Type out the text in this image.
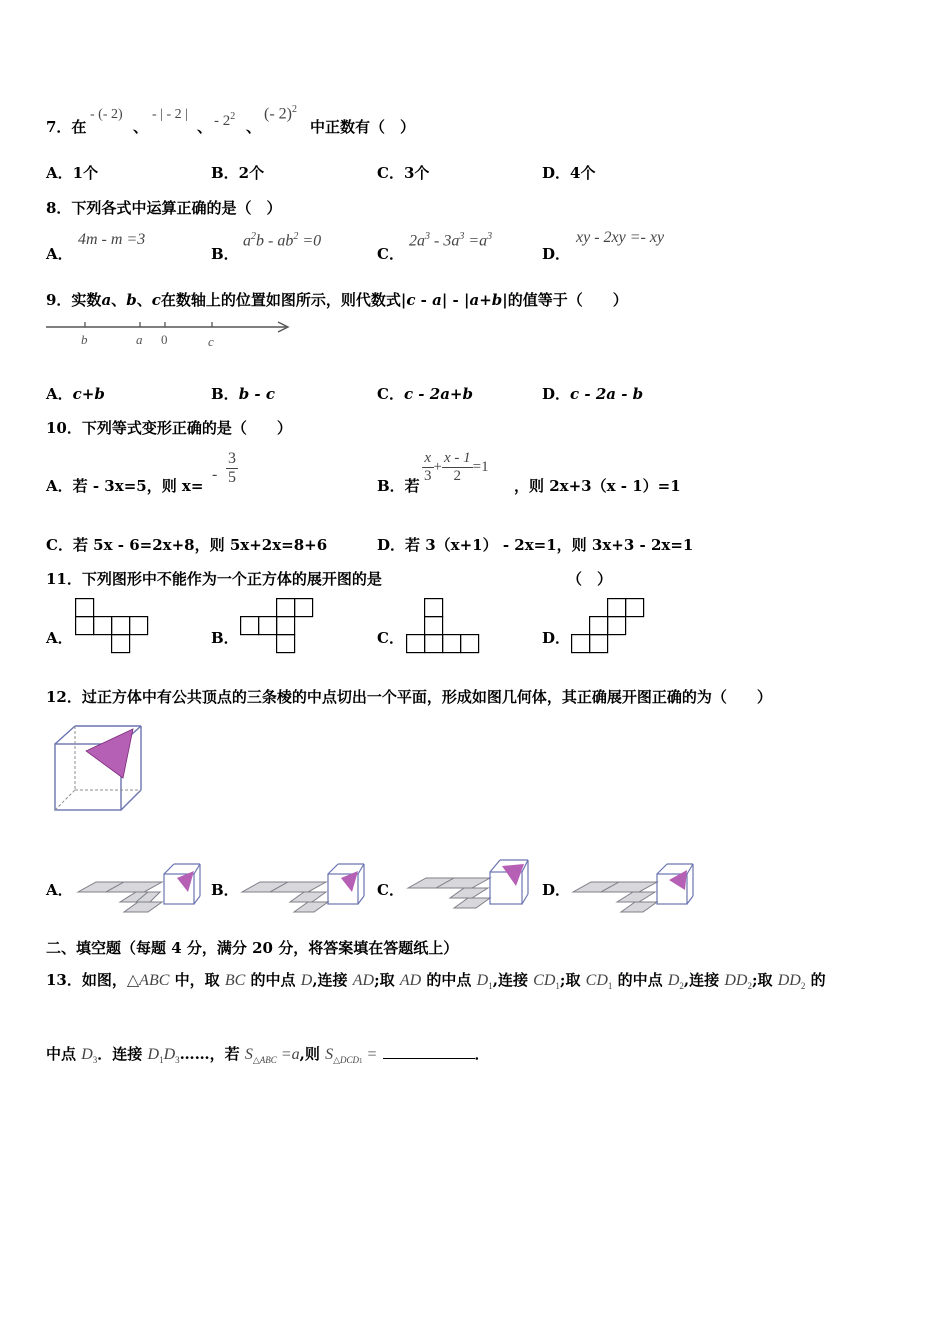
7．在
- (- 2)
、
- | - 2 |
、 - $2^2$
、
(- 2)$^2$
中正数有（　）
A．1个	B．2个	C．3个	D．4个
8．下列各式中运算正确的是（　）
A．
4m - m =3
B．
$a^2b - ab^2 =0$
C．
$2a^3 - 3a^3 =a^3$
D．
xy - 2xy =- xy
9．实数a、b、c在数轴上的位置如图所示，则代数式|c - a| - |a+b|的值等于（　　）
b	a 0	c
A．c+b	B．b - c	C．c - 2a+b	D．c - 2a - b
10．下列等式变形正确的是（　　）
A．若 - 3x=5，则 x=
- $\frac{3}{5}$	B．若
$\frac{x}{3} + \frac{x - 1}{2} =1$
，则 2x+3（x - 1）=1
C．若 5x - 6=2x+8，则 5x+2x=8+6	D．若 3（x+1） - 2x=1，则 3x+3 - 2x=1
11．下列图形中不能作为一个正方体的展开图的是	（　）
A．	B．	C．	D．
12．过正方体中有公共顶点的三条棱的中点切出一个平面，形成如图几何体，其正确展开图正确的为（　　）
A．	B．	C．	D．
二、填空题（每题 4 分，满分 20 分，将答案填在答题纸上）
13．如图，△ABC 中，取 BC 的中点 D,连接 AD;取 AD 的中点 $D_1$,连接 $CD_1$;取 $CD_1$ 的中点 $D_2$,连接 $DD_2$;取 $DD_2$ 的
中点 $D_3$．连接 $D_1D_3\dots\dots$，若 $S_{\triangle ABC} =a$,则 $S_{\triangle DCD1}$ =	．
